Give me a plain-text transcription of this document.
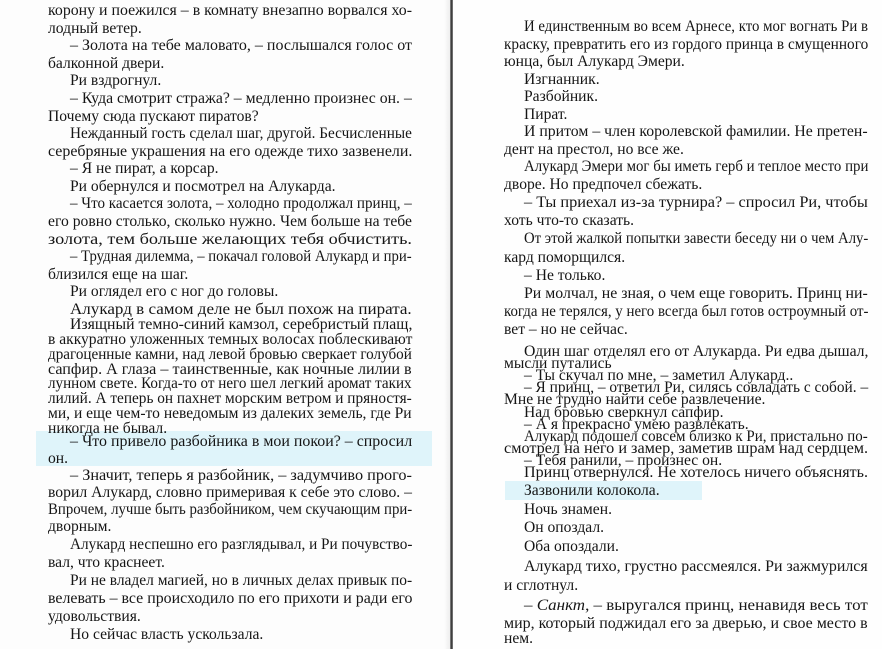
корону и поежился – в комнату внезапно ворвался хо-
лодный ветер.
– Золота на тебе маловато, – послышался голос от
балконной двери.
Ри вздрогнул.
– Куда смотрит стража? – медленно произнес он. –
Почему сюда пускают пиратов?
Нежданный гость сделал шаг, другой. Бесчисленные
серебряные украшения на его одежде тихо зазвенели.
– Я не пират, а корсар.
Ри обернулся и посмотрел на Алукарда.
– Что касается золота, – холодно продолжал принц, –
его ровно столько, сколько нужно. Чем больше на тебе
золота, тем больше желающих тебя обчистить.
– Трудная дилемма, – покачал головой Алукард и при-
близился еще на шаг.
Ри оглядел его с ног до головы.
Алукард в самом деле не был похож на пирата.
Изящный темно-синий камзол, серебристый плащ,
в аккуратно уложенных темных волосах поблескивают
драгоценные камни, над левой бровью сверкает голубой
сапфир. А глаза – таинственные, как ночные лилии в
лунном свете. Когда-то от него шел легкий аромат таких
лилий. А теперь он пахнет морским ветром и пряностя-
ми, и еще чем-то неведомым из далеких земель, где Ри
никогда не бывал.
– Что привело разбойника в мои покои? – спросил
он.
– Значит, теперь я разбойник, – задумчиво прого-
ворил Алукард, словно примеривая к себе это слово. –
Впрочем, лучше быть разбойником, чем скучающим при-
дворным.
Алукард неспешно его разглядывал, и Ри почувство-
вал, что краснеет.
Ри не владел магией, но в личных делах привык по-
велевать – все происходило по его прихоти и ради его
удовольствия.
Но сейчас власть ускользала.
И единственным во всем Арнесе, кто мог вогнать Ри в
краску, превратить его из гордого принца в смущенного
юнца, был Алукард Эмери.
Изгнанник.
Разбойник.
Пират.
И притом – член королевской фамилии. Не претен-
дент на престол, но все же.
Алукард Эмери мог бы иметь герб и теплое место при
дворе. Но предпочел сбежать.
– Ты приехал из-за турнира? – спросил Ри, чтобы
хоть что-то сказать.
От этой жалкой попытки завести беседу ни о чем Алу-
кард поморщился.
– Не только.
Ри молчал, не зная, о чем еще говорить. Принц ни-
когда не терялся, у него всегда был готов остроумный от-
вет – но не сейчас.
Один шаг отделял его от Алукарда. Ри едва дышал,
мысли путались
– Ты скучал по мне, – заметил Алукард..
– Я принц, – ответил Ри, силясь совладать с собой. –
Мне не трудно найти себе развлечение.
Над бровью сверкнул сапфир.
– А я прекрасно умею развлекать.
Алукард подошел совсем близко к Ри, пристально по-
смотрел на него и замер, заметив шрам над сердцем.
– Тебя ранили, – произнес он.
Принц отвернулся. Не хотелось ничего объяснять.
Зазвонили колокола.
Ночь знамен.
Он опоздал.
Оба опоздали.
Алукард тихо, грустно рассмеялся. Ри зажмурился
и сглотнул.
– Санкт, – выругался принц, ненавидя весь тот
мир, который поджидал его за дверью, и свое место в
нем.
